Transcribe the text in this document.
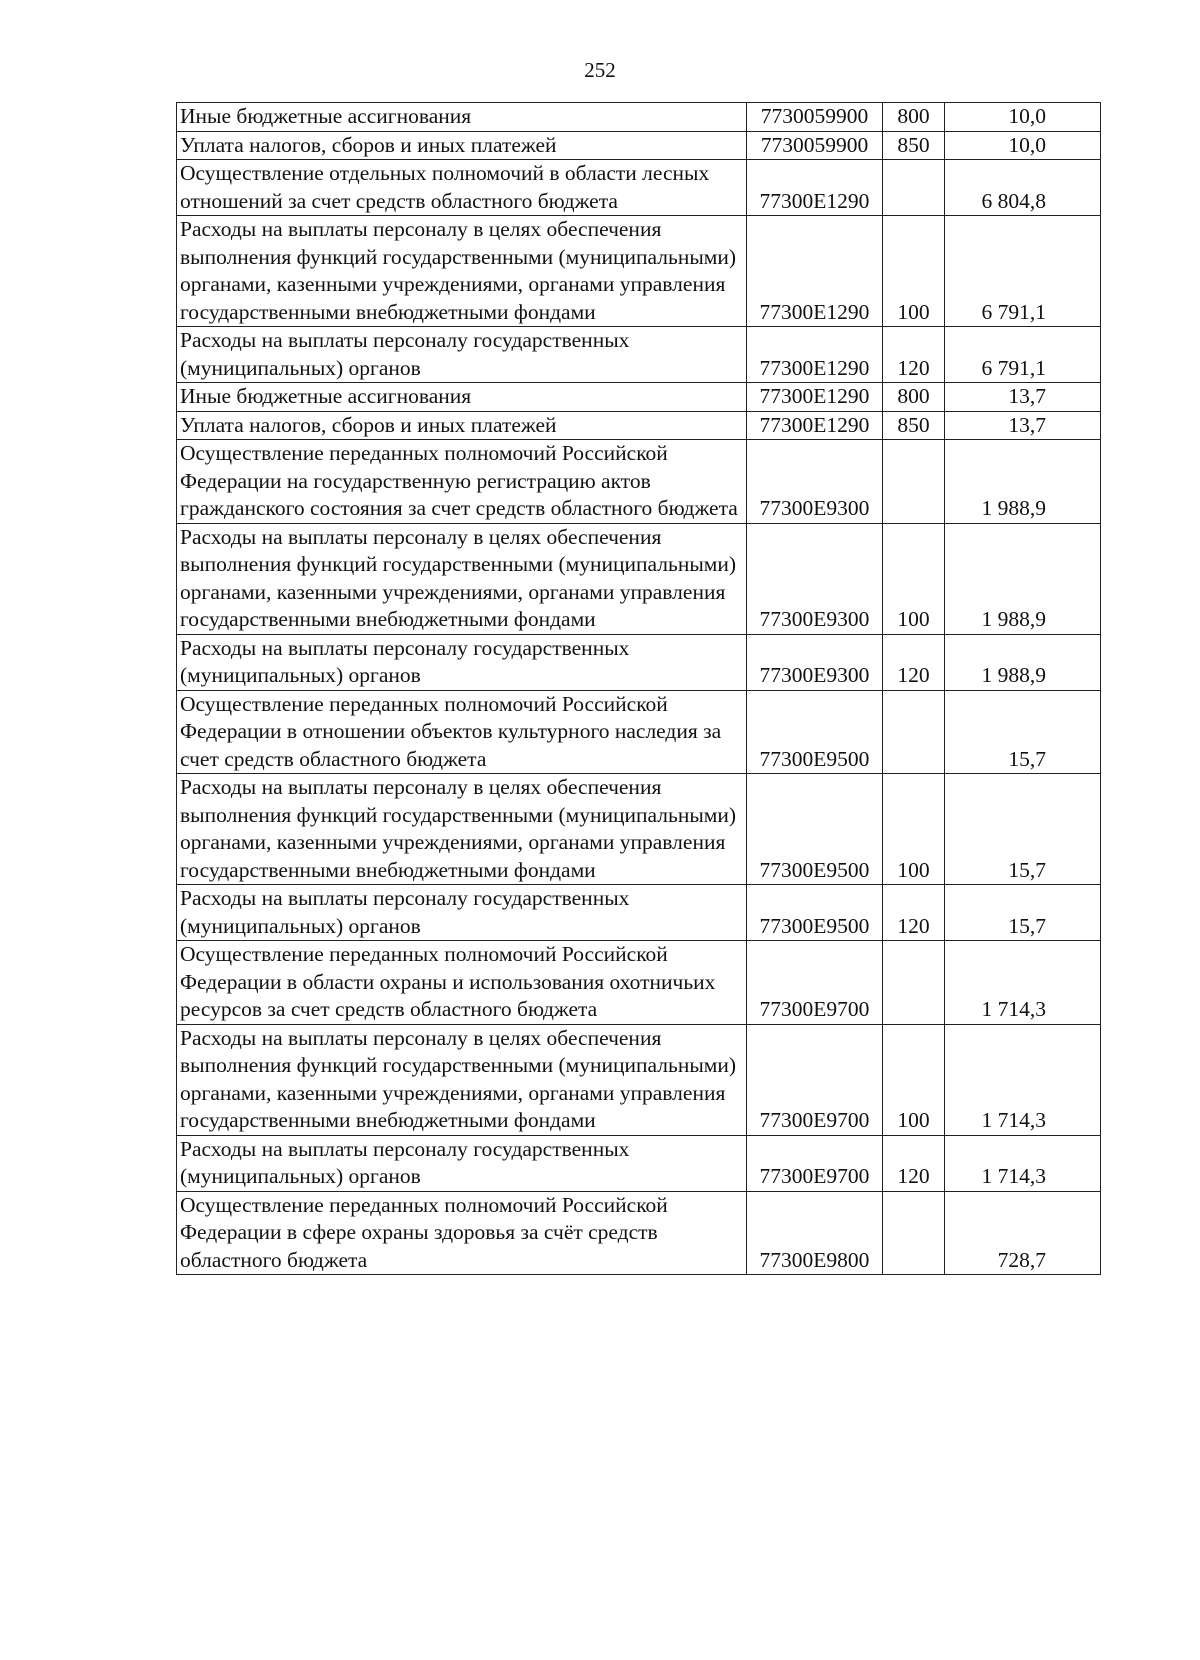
252
Иные бюджетные ассигнования	7730059900	800	10,0
Уплата налогов, сборов и иных платежей	7730059900	850	10,0
Осуществление отдельных полномочий в области лесных отношений за счет средств областного бюджета	77300Е1290		6 804,8
Расходы на выплаты персоналу в целях обеспечения выполнения функций государственными (муниципальными) органами, казенными учреждениями, органами управления государственными внебюджетными фондами	77300Е1290	100	6 791,1
Расходы на выплаты персоналу государственных (муниципальных) органов	77300Е1290	120	6 791,1
Иные бюджетные ассигнования	77300Е1290	800	13,7
Уплата налогов, сборов и иных платежей	77300Е1290	850	13,7
Осуществление переданных полномочий Российской Федерации на государственную регистрацию актов гражданского состояния за счет средств областного бюджета	77300Е9300		1 988,9
Расходы на выплаты персоналу в целях обеспечения выполнения функций государственными (муниципальными) органами, казенными учреждениями, органами управления государственными внебюджетными фондами	77300Е9300	100	1 988,9
Расходы на выплаты персоналу государственных (муниципальных) органов	77300Е9300	120	1 988,9
Осуществление переданных полномочий Российской Федерации в отношении объектов культурного наследия за счет средств областного бюджета	77300Е9500		15,7
Расходы на выплаты персоналу в целях обеспечения выполнения функций государственными (муниципальными) органами, казенными учреждениями, органами управления государственными внебюджетными фондами	77300Е9500	100	15,7
Расходы на выплаты персоналу государственных (муниципальных) органов	77300Е9500	120	15,7
Осуществление переданных полномочий Российской Федерации в области охраны и использования охотничьих ресурсов за счет средств областного бюджета	77300Е9700		1 714,3
Расходы на выплаты персоналу в целях обеспечения выполнения функций государственными (муниципальными) органами, казенными учреждениями, органами управления государственными внебюджетными фондами	77300Е9700	100	1 714,3
Расходы на выплаты персоналу государственных (муниципальных) органов	77300Е9700	120	1 714,3
Осуществление переданных полномочий Российской Федерации в сфере охраны здоровья за счёт средств областного бюджета	77300Е9800		728,7
